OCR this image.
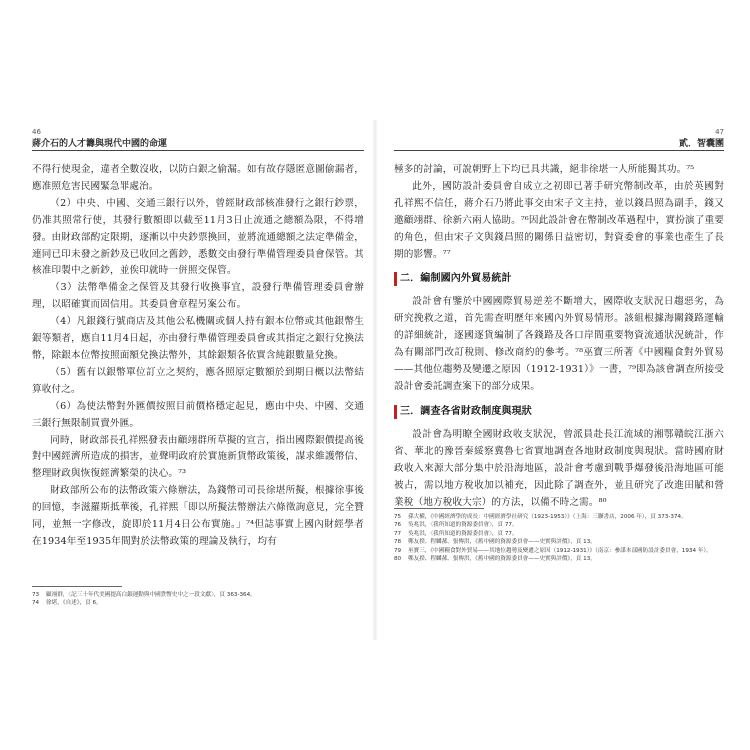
46
蔣介石的人才籌與現代中國的命運

不得行使現金，違者全數沒收，以防白銀之偷漏。如有故存隱匿意圖偷漏者，應准照危害民國緊急罪處治。

（2）中央、中國、交通三銀行以外，曾經財政部核准發行之銀行鈔票，仍准其照常行使，其發行數額即以截至11月3日止流通之總額為限，不得增發。由財政部酌定限期，逐漸以中央鈔票換回，並將流通總額之法定準備金，連同已印未發之新鈔及已收回之舊鈔，悉數交由發行準備管理委員會保管。其核准印製中之新鈔，並俟印就時一併照交保管。

（3）法幣準備金之保管及其發行收換事宜，設發行準備管理委員會辦理，以昭確實而固信用。其委員會章程另案公布。

（4）凡銀錢行號商店及其他公私機關或個人持有銀本位幣或其他銀幣生銀等類者，應自11月4日起，亦由發行準備管理委員會或其指定之銀行兌換法幣，除銀本位幣按照面額兌換法幣外，其餘銀類各依實含純銀數量兌換。

（5）舊有以銀幣單位訂立之契約，應各照原定數額於到期日概以法幣結算收付之。

（6）為使法幣對外匯價按照目前價格穩定起見，應由中央、中國、交通三銀行無限制買賣外匯。

同時，財政部長孔祥熙發表由顧翊群所草擬的宣言，指出國際銀價提高後對中國經濟所造成的損害，並聲明政府於實施新貨幣政策後，謀求維護幣信、整理財政與恢復經濟繁榮的決心。⁷³

財政部所公布的法幣政策六條辦法，為錢幣司司長徐堪所擬，根據徐事後的回憶，李滋羅斯抵華後，孔祥熙「即以所擬法幣辦法六條徵詢意見，完全贊同，並無一字修改，旋即於11月4日公布實施。」⁷⁴但誌事實上國內財經學者在1934年至1935年間對於法幣政策的理論及執行，均有

73	顧翊群，〈記三十年代美國提高白銀運動與中國貨幣史中之一段文獻〉，頁 363-364。
74	徐堪，《自述》，頁 6。
47
貳．智囊團

極多的討論，可說朝野上下均已具共識，絕非徐堪一人所能獨其功。⁷⁵

此外，國防設計委員會自成立之初即已著手研究幣制改革，由於英國對孔祥熙不信任，蔣介石乃將此事交由宋子文主持，並以錢昌照為副手，錢又邀顧翊群、徐新六兩人協助。⁷⁶因此設計會在幣制改革過程中，實扮演了重要的角色，但由宋子文與錢昌照的關係日益密切，對資委會的事業也產生了長期的影響。⁷⁷

二．編制國內外貿易統計

設計會有鑒於中國國際貿易逆差不斷增大，國際收支狀況日趨惡劣，為研究挽救之道，首先需查明歷年來國內外貿易情形。該組根據海關錢路運輸的詳細統計，逐國逐貨編制了各錢路及各口岸間重要物資流通狀況統計，作為有關部門改訂稅則、修改商約的參考。⁷⁸巫寶三所著《中國糧食對外貿易——其他位趨勢及變遷之原因（1912-1931）》一書，⁷⁹即為該會調查所接受設計會委託調查案下的部分成果。

三．調查各省財政制度與現狀

設計會為明瞭全國財政收支狀況，曾派員赴長江流域的湘鄂贛皖江浙六省、華北的豫晉秦綏察冀魯七省實地調查各地財政制度與現狀。當時國府財政收入來源大部分集中於沿海地區，設計會考慮到戰爭爆發後沿海地區可能被占，需以地方稅收加以補充，因此除了調查外，並且研究了改進田賦和營業稅（地方稅收大宗）的方法，以備不時之需。⁸⁰

75	孫大權，《中國經濟學的成長：中國經濟學社研究（1923-1953）》（上海：三聯書店，2006 年），頁 373-374。
76	吳兆洪，〈我所知道的資源委員會〉，頁 77。
77	吳兆洪，〈我所知道的資源委員會〉，頁 77。
78	鄭友揆、程麟蓀、張傳洪，《舊中國的資源委員會——史實與評價》，頁 13。
79	巫寶三，《中國糧食對外貿易——其地位趨勢及變遷之原因（1912-1931）》（南京：參謀本部國防設計委員會，1934 年）。
80	鄭友揆、程麟蓀、張傳洪，《舊中國的資源委員會——史實與評價》，頁 13。
